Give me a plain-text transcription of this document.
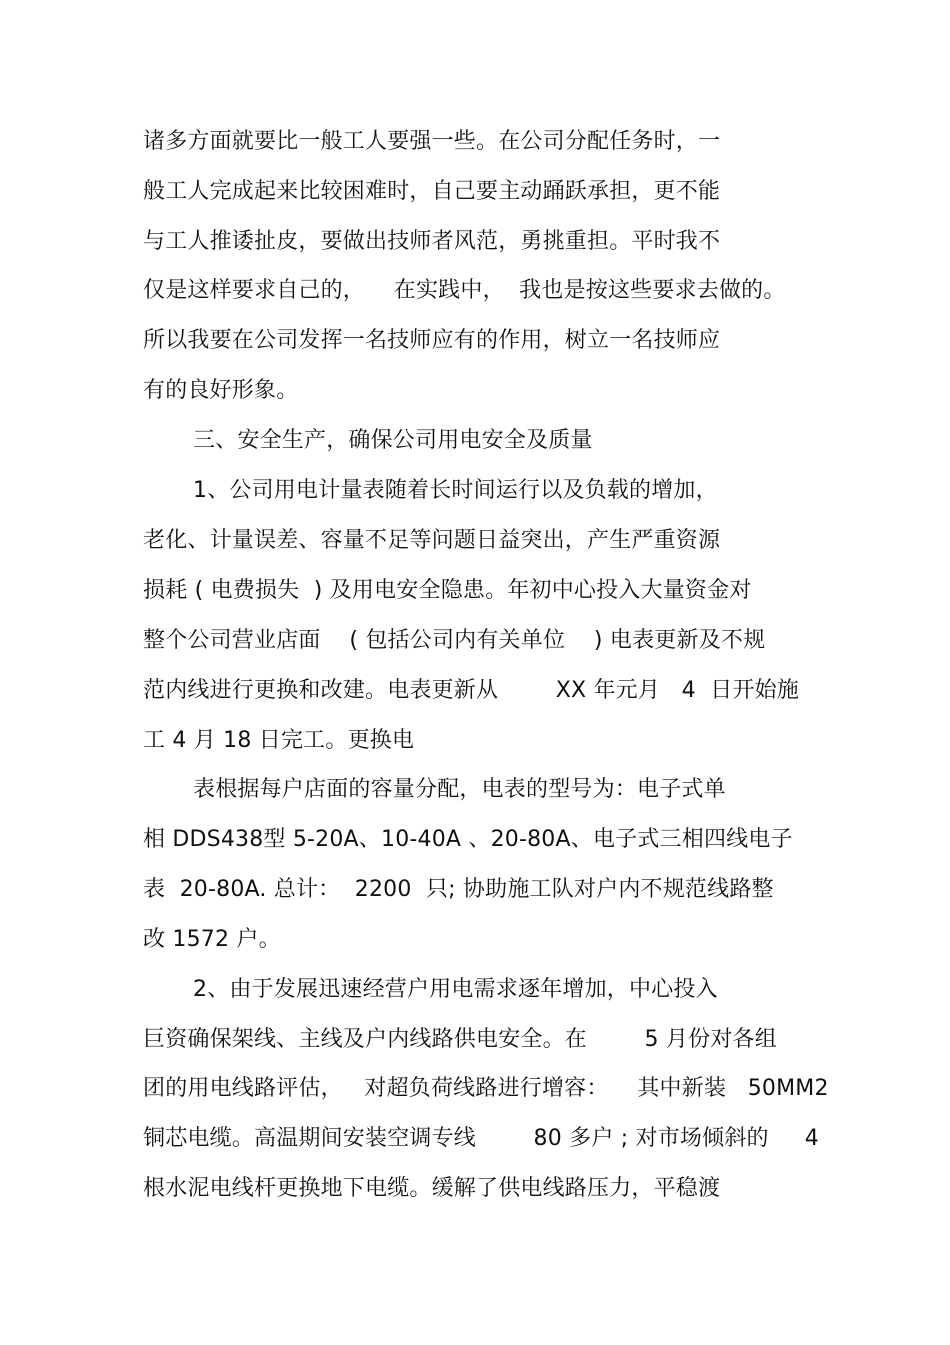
诸多方面就要比一般工人要强一些。在公司分配任务时，一
般工人完成起来比较困难时，自己要主动踊跃承担，更不能
与工人推诿扯皮，要做出技师者风范，勇挑重担。平时我不
仅是这样要求自己的，    在实践中，  我也是按这些要求去做的。
所以我要在公司发挥一名技师应有的作用，树立一名技师应
有的良好形象。
三、安全生产，确保公司用电安全及质量
1、公司用电计量表随着长时间运行以及负载的增加，
老化、计量误差、容量不足等问题日益突出，产生严重资源
损耗 ( 电费损失  ) 及用电安全隐患。年初中心投入大量资金对
整个公司营业店面    ( 包括公司内有关单位    ) 电表更新及不规
范内线进行更换和改建。电表更新从        XX 年元月   4  日开始施
工 4 月 18 日完工。更换电
表根据每户店面的容量分配，电表的型号为：电子式单
相 DDS438型 5-20A、10-40A 、20-80A、电子式三相四线电子
表  20-80A. 总计：  2200  只; 协助施工队对户内不规范线路整
改 1572 户。
2、由于发展迅速经营户用电需求逐年增加，中心投入
巨资确保架线、主线及户内线路供电安全。在        5 月份对各组
团的用电线路评估，   对超负荷线路进行增容：    其中新装   50MM2
铜芯电缆。高温期间安装空调专线        80 多户 ; 对市场倾斜的     4
根水泥电线杆更换地下电缆。缓解了供电线路压力，平稳渡
